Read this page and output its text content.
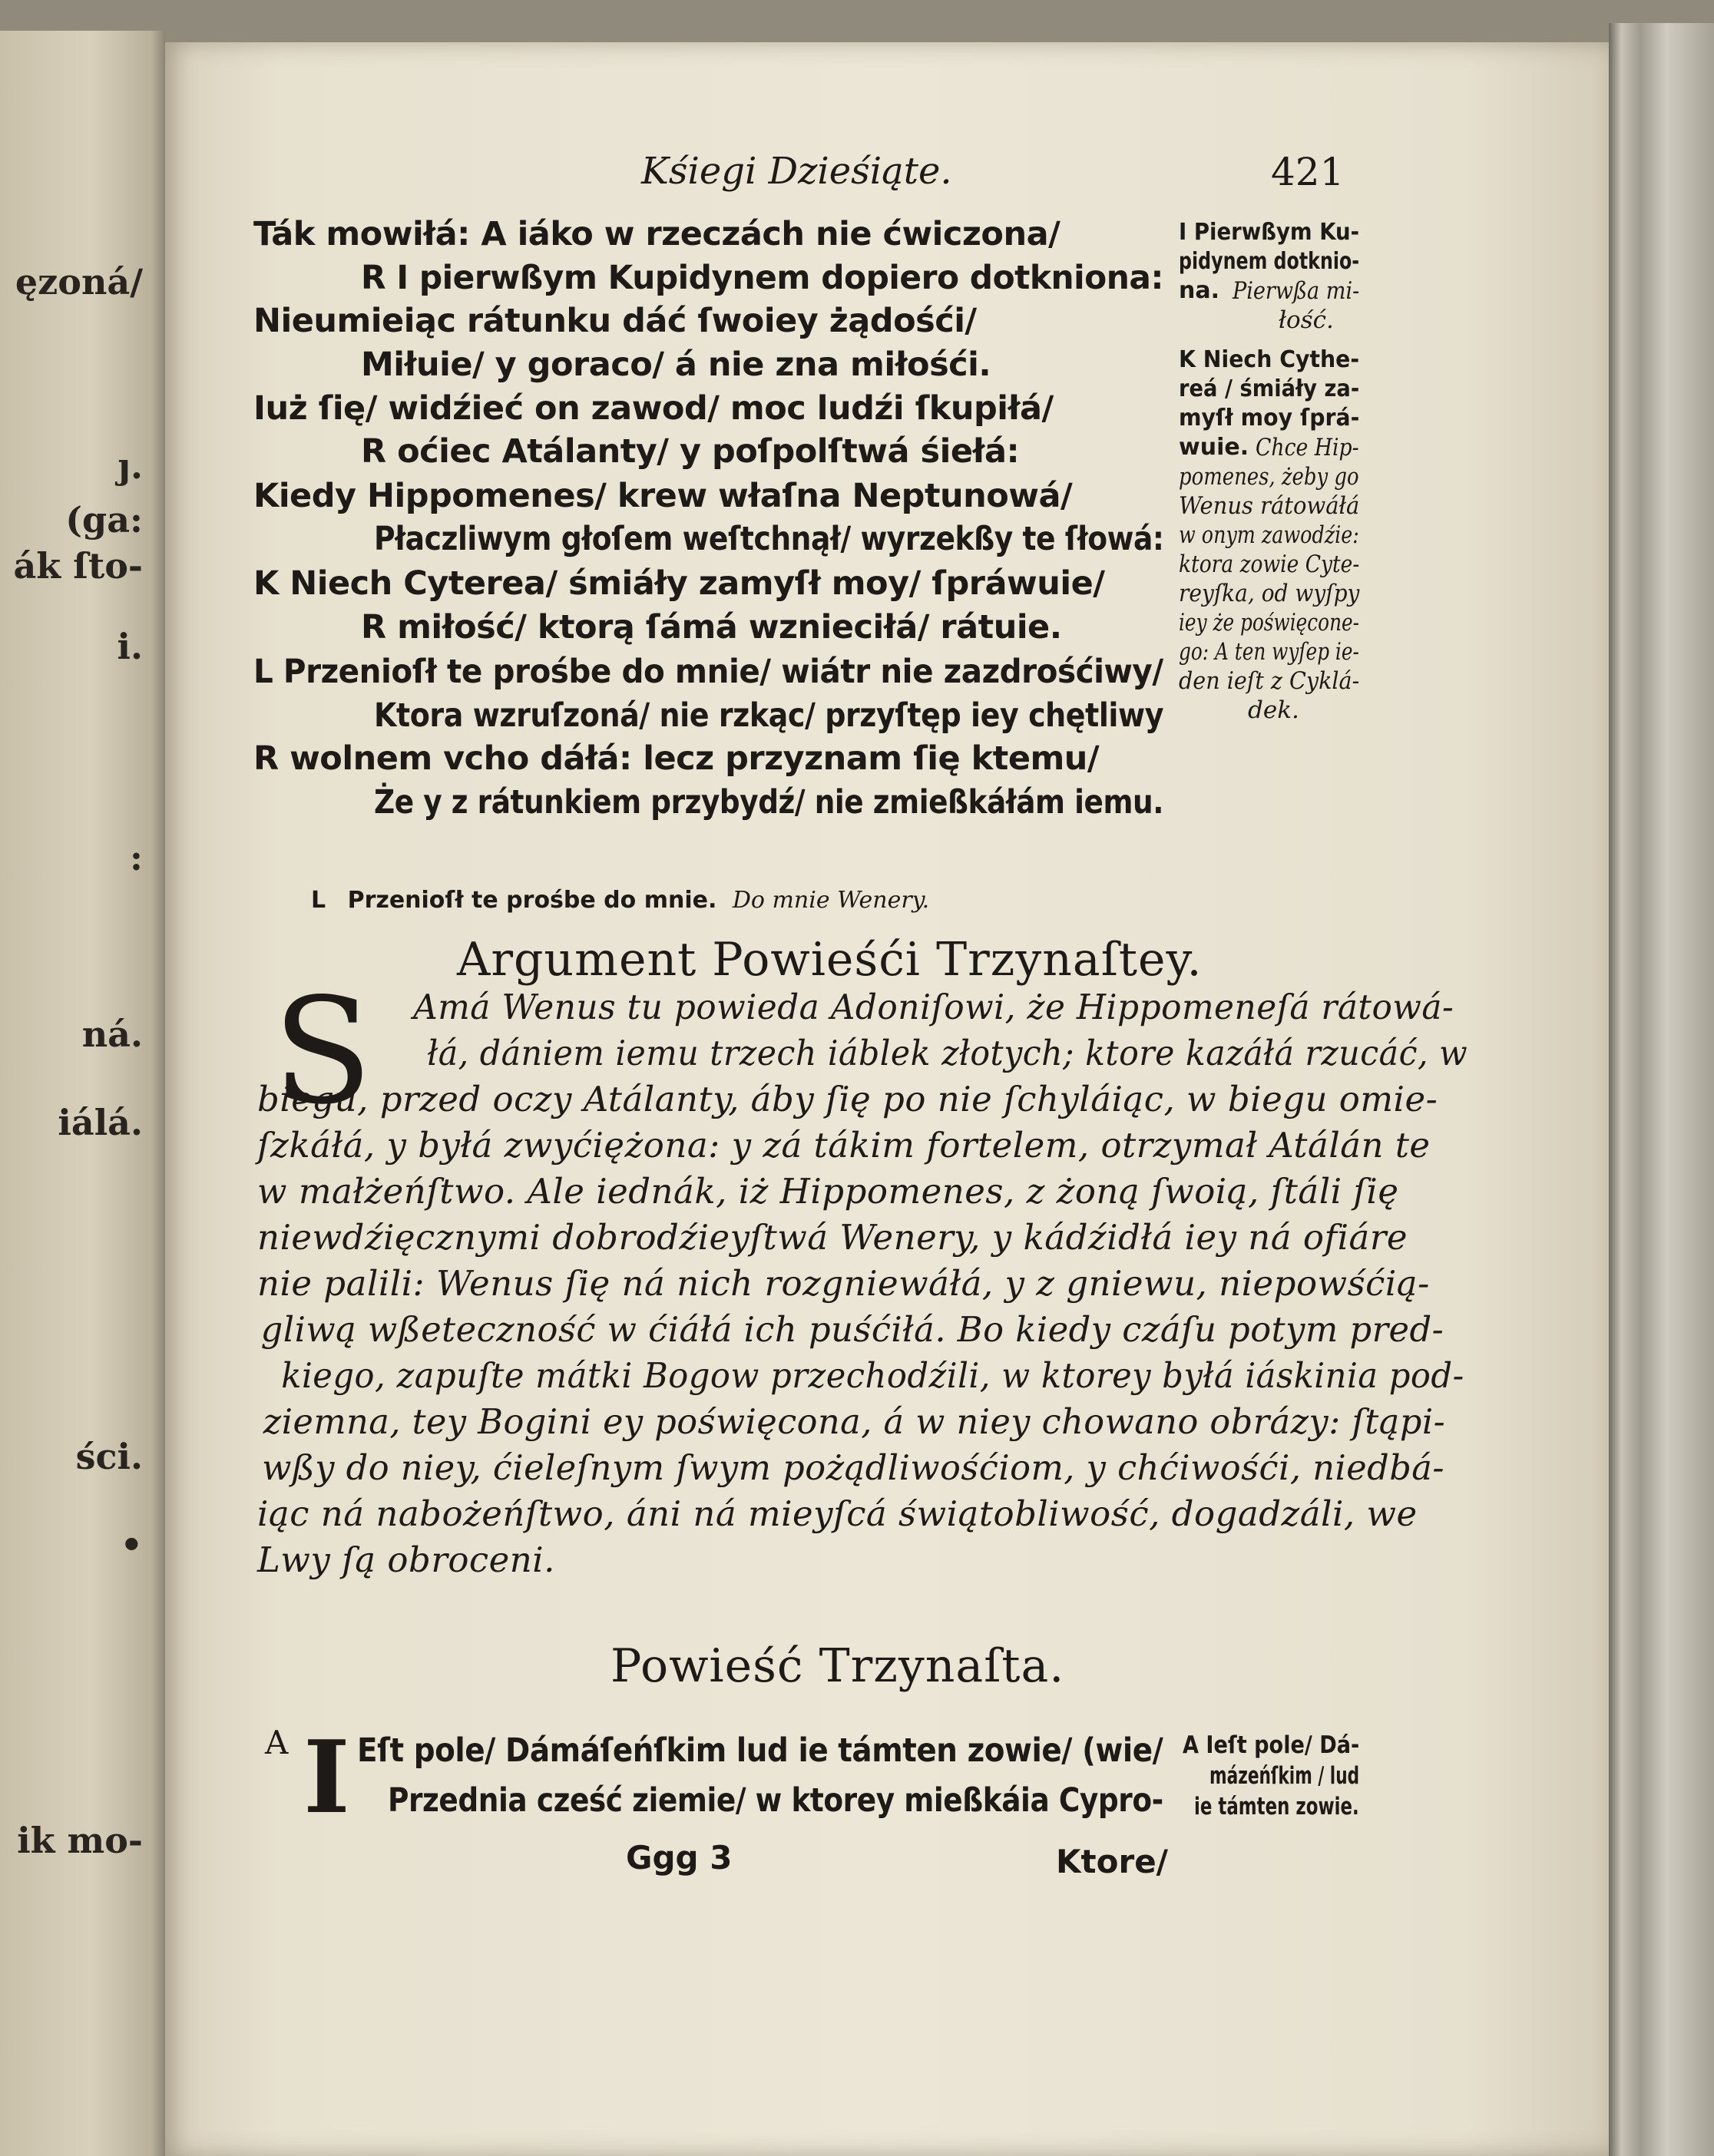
ęzoná/
ȷ.
(ga:
ák ſto-
i.
:
ná.
iálá.
ści.
•
ik mo-
Kśiegi Dzieśiąte.	421
Ták mowiłá: A iáko w rzeczách nie ćwiczona/
R I pierwßym Kupidynem dopiero dotkniona:
Nieumieiąc rátunku dáć ſwoiey żądośći/
Miłuie/ y goraco/ á nie zna miłośći.
Iuż ſię/ widźieć on zawod/ moc ludźi ſkupiłá/
R oćiec Atálanty/ y poſpolſtwá śiełá:
Kiedy Hippomenes/ krew właſna Neptunowá/
Płaczliwym głoſem weſtchnął/ wyrzekßy te ſłowá:
K Niech Cyterea/ śmiáły zamyſł moy/ ſpráwuie/
R miłość/ ktorą ſámá wznieciłá/ rátuie.
L Przenioſł te prośbe do mnie/ wiátr nie zazdrośćiwy/
Ktora wzruſzoná/ nie rzkąc/ przyſtęp iey chętliwy
R wolnem vcho dáłá: lecz przyznam ſię ktemu/
Że y z rátunkiem przybydź/ nie zmießkáłám iemu.
I Pierwßym Ku-
pidynem dotknio-
na. Pierwßa mi-
łość.
K Niech Cythe-
reá / śmiáły za-
myſł moy ſprá-
wuie. Chce Hip-
pomenes, żeby go
Wenus rátowáłá
w onym zawodźie:
ktora zowie Cyte-
reyſka, od wyſpy
iey że poświęcone-
go: A ten wyſep ie-
den ieſt z Cyklá-
dek.
L Przenioſł te prośbe do mnie. Do mnie Wenery.
Argument Powieśći Trzynaſtey.
S Amá Wenus tu powieda Adoniſowi, że Hippomeneſá rátowá-
łá, dániem iemu trzech iáblek złotych; ktore kazáłá rzucáć, w
biegu, przed oczy Atálanty, áby ſię po nie ſchyláiąc, w biegu omie-
ſzkáłá, y byłá zwyćiężona: y zá tákim fortelem, otrzymał Atálán te
w małżeńſtwo. Ale iednák, iż Hippomenes, z żoną ſwoią, ſtáli ſię
niewdźięcznymi dobrodźieyſtwá Wenery, y kádźidłá iey ná ofiáre
nie palili: Wenus ſię ná nich rozgniewáłá, y z gniewu, niepowśćią-
gliwą wßeteczność w ćiáłá ich puśćiłá. Bo kiedy czáſu potym pred-
kiego, zapuſte mátki Bogow przechodźili, w ktorey byłá iáskinia pod-
ziemna, tey Bogini ey poświęcona, á w niey chowano obrázy: ſtąpi-
wßy do niey, ćieleſnym ſwym pożądliwośćiom, y chćiwośći, niedbá-
iąc ná nabożeńſtwo, áni ná mieyſcá świątobliwość, dogadzáli, we
Lwy ſą obroceni.
Powieść Trzynaſta.
A I Eſt pole/ Dámáſeńſkim lud ie támten zowie/ (wie/
Przednia cześć ziemie/ w ktorey mießkáia Cypro-
A Ieſt pole/ Dá-
mázeńſkim / lud
ie támten zowie.
Ggg 3	Ktore/
